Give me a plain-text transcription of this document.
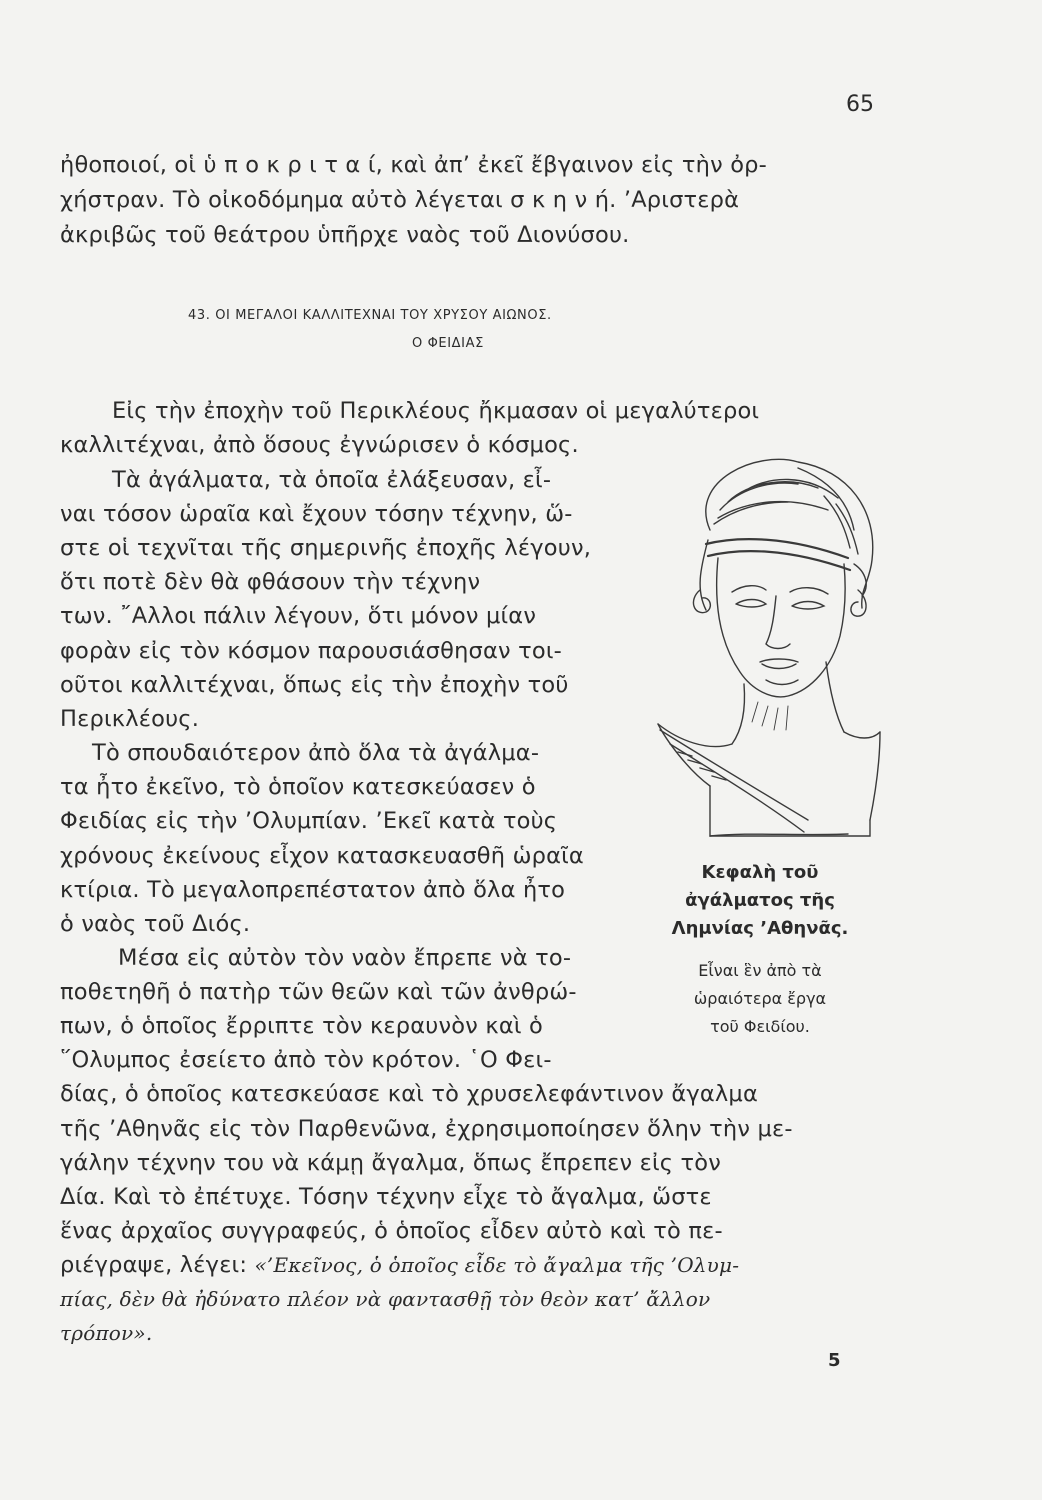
65
ἠθοποιοί, οἱ ὑ π ο κ ρ ι τ α ί, καὶ ἀπ’ ἐκεῖ ἔβγαινον εἰς τὴν ὀρ-
χήστραν. Τὸ οἰκοδόμημα αὐτὸ λέγεται σ κ η ν ή. ’Αριστερὰ
ἀκριβῶς τοῦ θεάτρου ὑπῆρχε ναὸς τοῦ Διονύσου.
43. ΟΙ ΜΕΓΑΛΟΙ ΚΑΛΛΙΤΕΧΝΑΙ ΤΟΥ ΧΡΥΣΟΥ ΑΙΩΝΟΣ.
Ο ΦΕΙΔΙΑΣ
Εἰς τὴν ἐποχὴν τοῦ Περικλέους ἤκμασαν οἱ μεγαλύτεροι
καλλιτέχναι, ἀπὸ ὅσους ἐγνώρισεν ὁ κόσμος.
Τὰ ἀγάλματα, τὰ ὁποῖα ἐλάξευσαν, εἶ-
ναι τόσον ὡραῖα καὶ ἔχουν τόσην τέχνην, ὥ-
στε οἱ τεχνῖται τῆς σημερινῆς ἐποχῆς λέγουν,
ὅτι ποτὲ δὲν θὰ φθάσουν τὴν τέχνην
των. ῎Αλλοι πάλιν λέγουν, ὅτι μόνον μίαν
φορὰν εἰς τὸν κόσμον παρουσιάσθησαν τοι-
οῦτοι καλλιτέχναι, ὅπως εἰς τὴν ἐποχὴν τοῦ
Περικλέους.
Τὸ σπουδαιότερον ἀπὸ ὅλα τὰ ἀγάλμα-
τα ἦτο ἐκεῖνο, τὸ ὁποῖον κατεσκεύασεν ὁ
Φειδίας εἰς τὴν ’Ολυμπίαν. ’Εκεῖ κατὰ τοὺς
χρόνους ἐκείνους εἶχον κατασκευασθῆ ὡραῖα
κτίρια. Τὸ μεγαλοπρεπέστατον ἀπὸ ὅλα ἦτο
ὁ ναὸς τοῦ Διός.
Μέσα εἰς αὐτὸν τὸν ναὸν ἔπρεπε νὰ το-
ποθετηθῆ ὁ πατὴρ τῶν θεῶν καὶ τῶν ἀνθρώ-
πων, ὁ ὁποῖος ἔρριπτε τὸν κεραυνὸν καὶ ὁ
῞Ολυμπος ἐσείετο ἀπὸ τὸν κρότον. ῾Ο Φει-
δίας, ὁ ὁποῖος κατεσκεύασε καὶ τὸ χρυσελεφάντινον ἄγαλμα
τῆς ’Αθηνᾶς εἰς τὸν Παρθενῶνα, ἐχρησιμοποίησεν ὅλην τὴν με-
γάλην τέχνην του νὰ κάμῃ ἄγαλμα, ὅπως ἔπρεπεν εἰς τὸν
Δία. Καὶ τὸ ἐπέτυχε. Τόσην τέχνην εἶχε τὸ ἄγαλμα, ὥστε
ἕνας ἀρχαῖος συγγραφεύς, ὁ ὁποῖος εἶδεν αὐτὸ καὶ τὸ πε-
ριέγραψε, λέγει: «’Εκεῖνος, ὁ ὁποῖος εἶδε τὸ ἄγαλμα τῆς ’Ολυμ-
πίας, δὲν θὰ ἠδύνατο πλέον νὰ φαντασθῇ τὸν θεὸν κατ’ ἄλλον
τρόπον».
Κεφαλὴ τοῦ
ἀγάλματος τῆς
Λημνίας ’Αθηνᾶς.
Εἶναι ἓν ἀπὸ τὰ
ὡραιότερα ἔργα
τοῦ Φειδίου.
5
